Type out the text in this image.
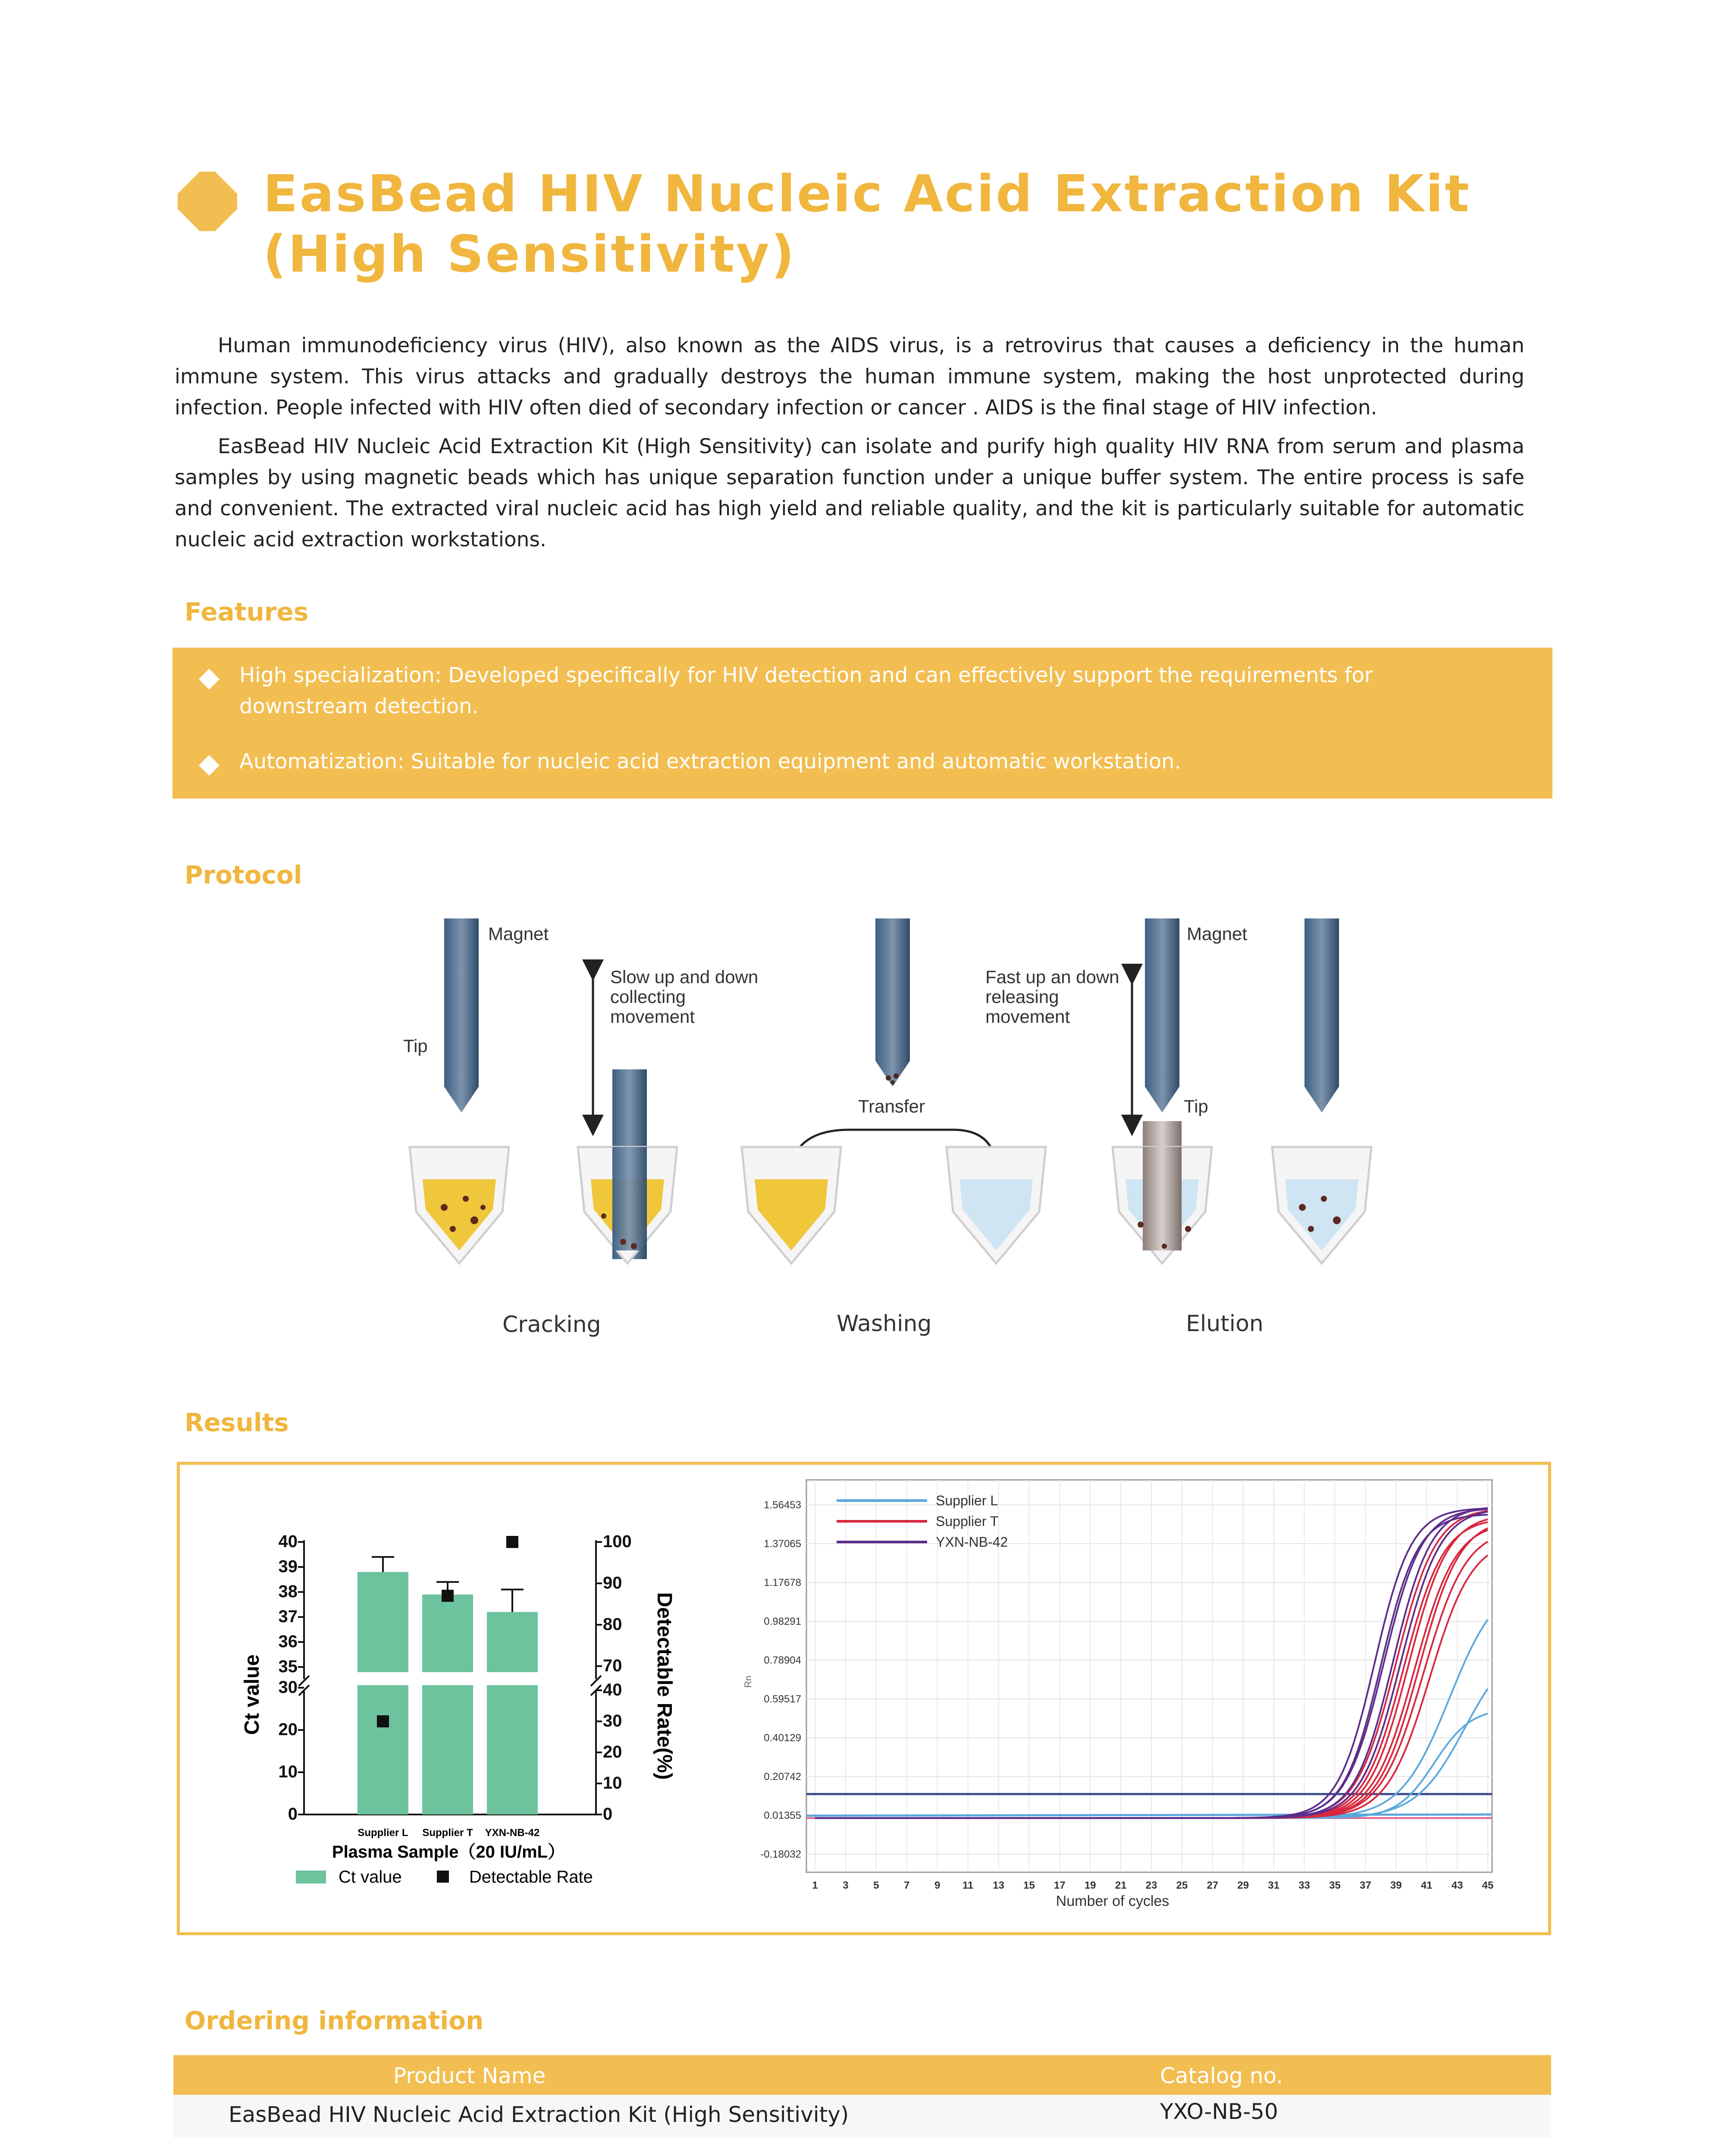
EasBead HIV Nucleic Acid Extraction Kit
(High Sensitivity)

Human immunodeficiency virus (HIV), also known as the AIDS virus, is a retrovirus that causes a deficiency in the human immune system. This virus attacks and gradually destroys the human immune system, making the host unprotected during infection. People infected with HIV often died of secondary infection or cancer . AIDS is the final stage of HIV infection.

EasBead HIV Nucleic Acid Extraction Kit (High Sensitivity) can isolate and purify high quality HIV RNA from serum and plasma samples by using magnetic beads which has unique separation function under a unique buffer system. The entire process is safe and convenient. The extracted viral nucleic acid has high yield and reliable quality, and the kit is particularly suitable for automatic nucleic acid extraction workstations.

Features
High specialization: Developed specifically for HIV detection and can effectively support the requirements for downstream detection.
Automatization: Suitable for nucleic acid extraction equipment and automatic workstation.
Protocol
Magnet
Tip
Slow up and down
collecting
movement
Transfer
Fast up an down
releasing
movement
Magnet
Tip
Cracking	Washing	Elution
Results
0
10
20
30
35
36
37
38
39
40
0
10
20
30
40
70
80
90
100
Ct value	Detectable Rate(%)
Supplier L Supplier T YXN-NB-42
Plasma Sample（20 IU/mL）
Ct value	Detectable Rate
1.56453
1.37065
1.17678
0.98291
0.78904
0.59517
0.40129
0.20742
0.01355
-0.18032
1 3 5 7 9 11 13 15 17 19 21 23 25 27 29 31 33 35 37 39 41 43 45
Rn
Number of cycles
Supplier L
Supplier T
YXN-NB-42
Ordering information
Product Name	Catalog no.
EasBead HIV Nucleic Acid Extraction Kit (High Sensitivity)	YXO-NB-50
